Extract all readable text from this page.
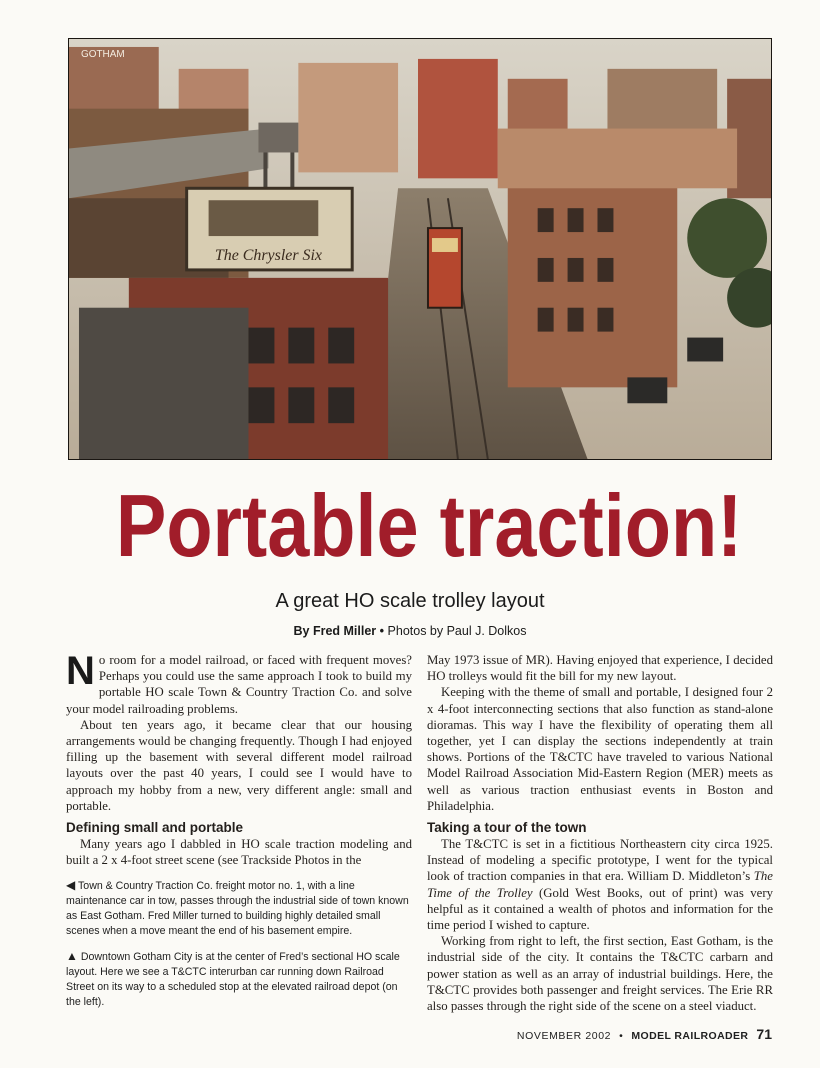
The Chrysler Six
GOTHAM
Portable traction!
A great HO scale trolley layout
By Fred Miller • Photos by Paul J. Dolkos

No room for a model railroad, or faced with frequent moves? Perhaps you could use the same approach I took to build my portable HO scale Town & Country Traction Co. and solve your model railroading problems.

About ten years ago, it became clear that our housing arrangements would be changing frequently. Though I had enjoyed filling up the basement with several different model railroad layouts over the past 40 years, I could see I would have to approach my hobby from a new, very different angle: small and portable.

Defining small and portable

Many years ago I dabbled in HO scale traction modeling and built a 2 x 4-foot street scene (see Trackside Photos in the

◀ Town & Country Traction Co. freight motor no. 1, with a line maintenance car in tow, passes through the industrial side of town known as East Gotham. Fred Miller turned to building highly detailed small scenes when a move meant the end of his basement empire.
▲ Downtown Gotham City is at the center of Fred’s sectional HO scale layout. Here we see a T&CTC interurban car running down Railroad Street on its way to a scheduled stop at the elevated railroad depot (on the left).

May 1973 issue of MR). Having enjoyed that experience, I decided HO trolleys would fit the bill for my new layout.

Keeping with the theme of small and portable, I designed four 2 x 4-foot interconnecting sections that also function as stand-alone dioramas. This way I have the flexibility of operating them all together, yet I can display the sections independently at train shows. Portions of the T&CTC have traveled to various National Model Railroad Association Mid-Eastern Region (MER) meets as well as various traction enthusiast events in Boston and Philadelphia.

Taking a tour of the town

The T&CTC is set in a fictitious Northeastern city circa 1925. Instead of modeling a specific prototype, I went for the typical look of traction companies in that era. William D. Middleton’s The Time of the Trolley (Gold West Books, out of print) was very helpful as it contained a wealth of photos and information for the time period I wished to capture.

Working from right to left, the first section, East Gotham, is the industrial side of the city. It contains the T&CTC carbarn and power station as well as an array of industrial buildings. Here, the T&CTC provides both passenger and freight services. The Erie RR also passes through the right side of the scene on a steel viaduct.

NOVEMBER 2002 • MODEL RAILROADER 71
